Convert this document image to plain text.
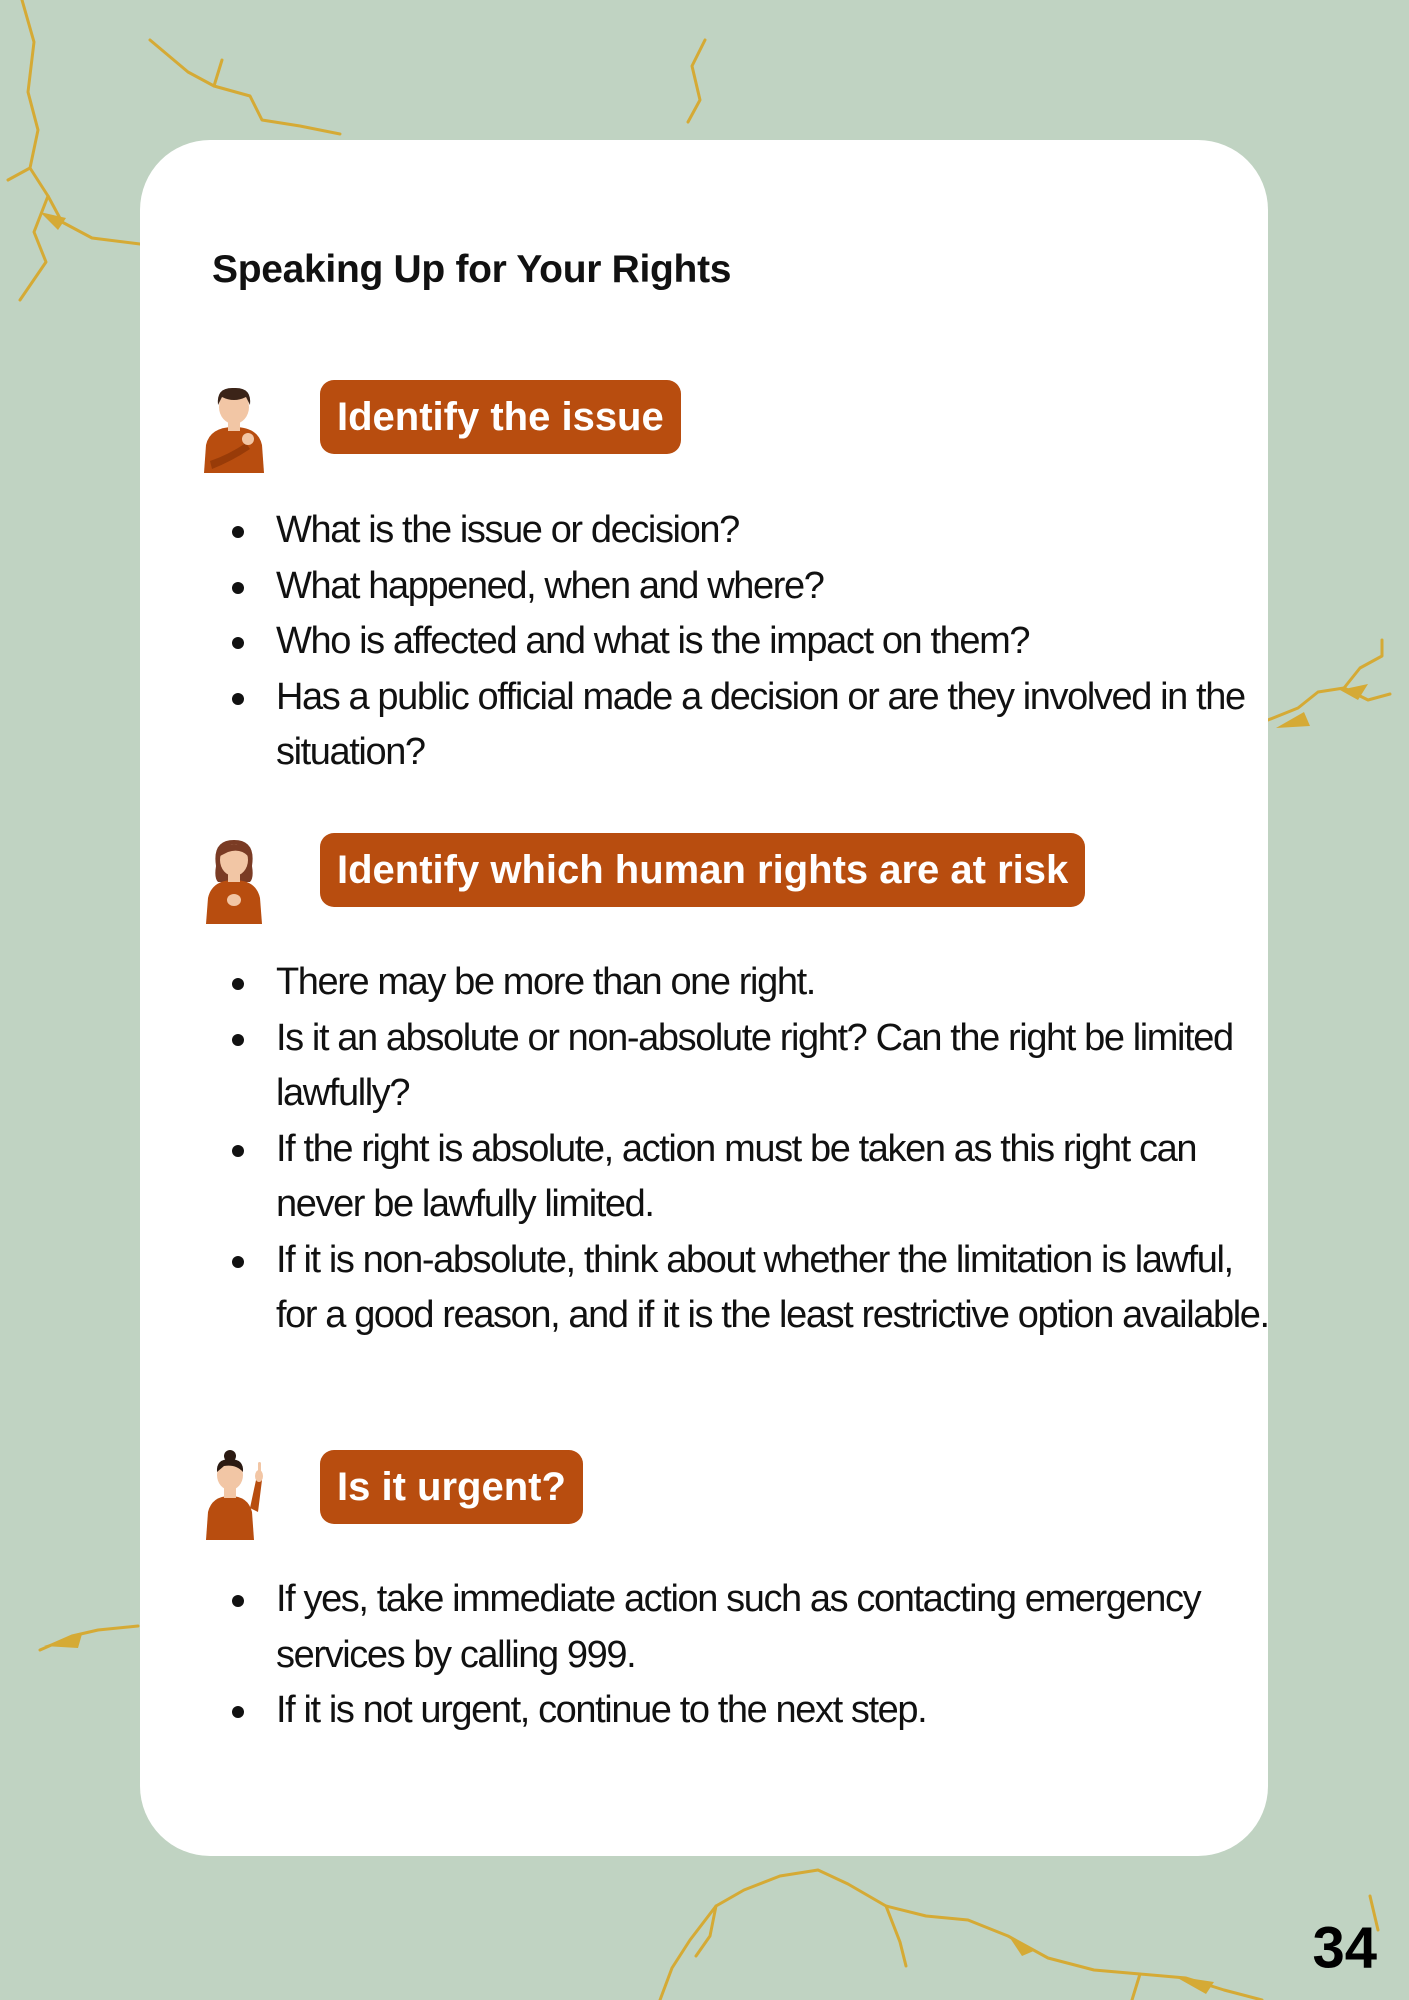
Speaking Up for Your Rights
Identify the issue
What is the issue or decision?
What happened, when and where?
Who is affected and what is the impact on them?
Has a public official made a decision or are they involved in the situation?
Identify which human rights are at risk
There may be more than one right.
Is it an absolute or non-absolute right? Can the right be limited lawfully?
If the right is absolute, action must be taken as this right can never be lawfully limited.
If it is non-absolute, think about whether the limitation is lawful, for a good reason, and if it is the least restrictive option available.
Is it urgent?
If yes, take immediate action such as contacting emergency services by calling 999.
If it is not urgent, continue to the next step.
34
